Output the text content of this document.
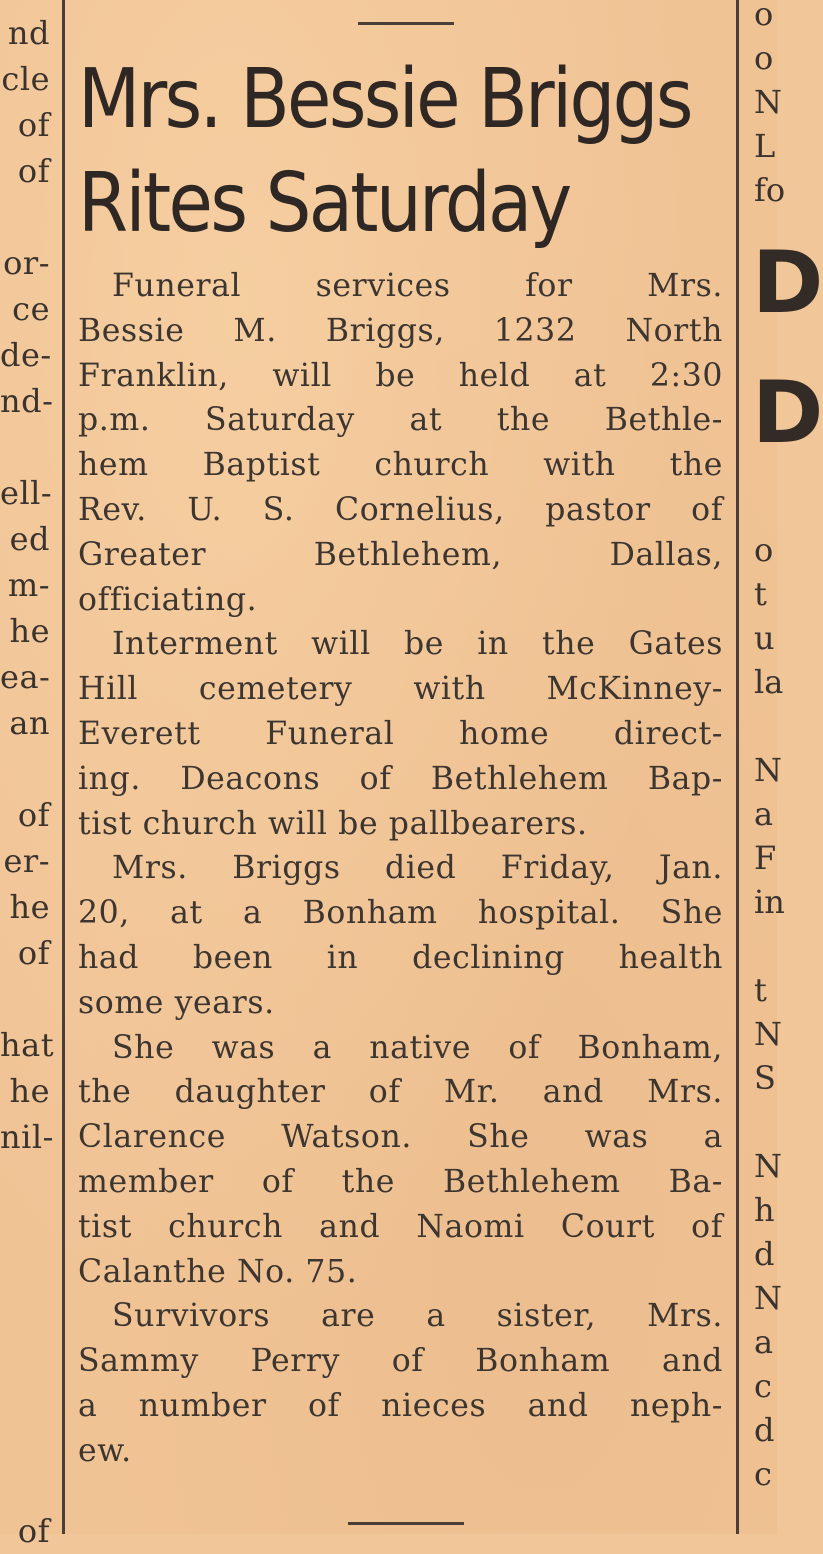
nd
cle
of
of
or-
ce
de-
nd-
ell-
ed
m-
he
ea-
an
of
er-
he
of
hat
he
nil-
of
o
o
N
L
fo
D
D
o
t
u
la
N
a
F
in
t
N
S
N
h
d
N
a
c
d
c
Mrs. Bessie Briggs
Rites Saturday

Funeral services for Mrs.
Bessie M. Briggs, 1232 North
Franklin, will be held at 2:30
p.m. Saturday at the Bethle-
hem Baptist church with the
Rev. U. S. Cornelius, pastor of
Greater Bethlehem, Dallas,
officiating.

Interment will be in the Gates
Hill cemetery with McKinney-
Everett Funeral home direct-
ing. Deacons of Bethlehem Bap-
tist church will be pallbearers.

Mrs. Briggs died Friday, Jan.
20, at a Bonham hospital. She
had been in declining health
some years.

She was a native of Bonham,
the daughter of Mr. and Mrs.
Clarence Watson. She was a
member of the Bethlehem Ba-
tist church and Naomi Court of
Calanthe No. 75.

Survivors are a sister, Mrs.
Sammy Perry of Bonham and
a number of nieces and neph-
ew.
